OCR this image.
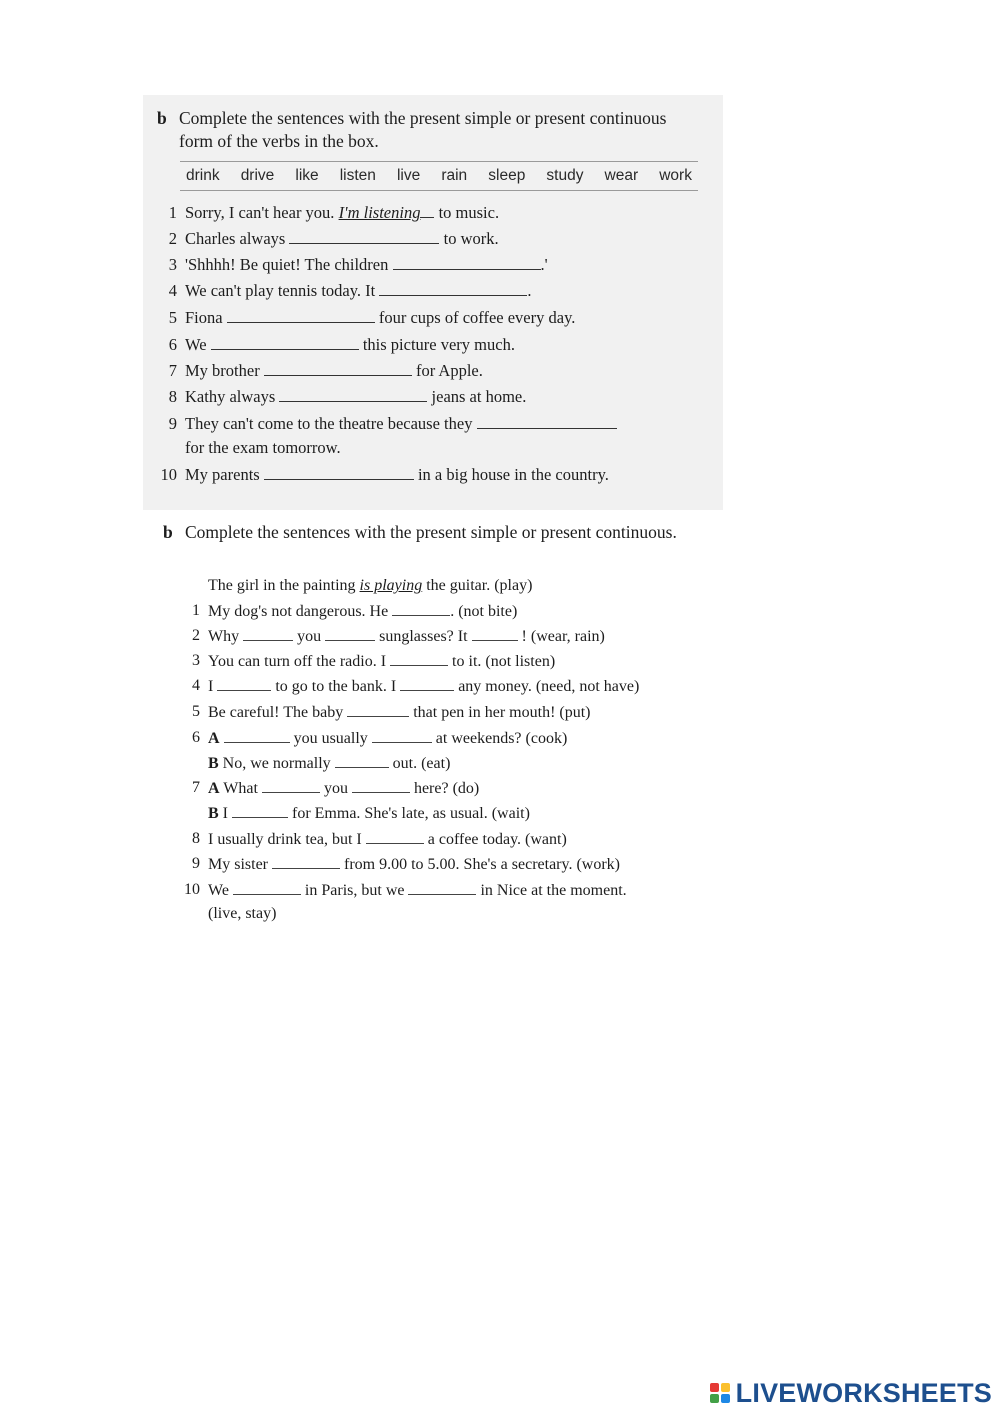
b Complete the sentences with the present simple or present continuous form of the verbs in the box.
drink drive like listen live rain sleep study wear work
1 Sorry, I can't hear you. I'm listening to music.
2 Charles always	to work.
3 'Shhhh! Be quiet! The children	.'
4 We can't play tennis today. It	.
5 Fiona	four cups of coffee every day.
6 We	this picture very much.
7 My brother	for Apple.
8 Kathy always	jeans at home.
9 They can't come to the theatre because they
for the exam tomorrow.
10 My parents	in a big house in the country.
b Complete the sentences with the present simple or present continuous.
The girl in the painting is playing the guitar. (play)
1 My dog's not dangerous. He	. (not bite)
2 Why	you	sunglasses? It	! (wear, rain)
3 You can turn off the radio. I	to it. (not listen)
4 I	to go to the bank. I	any money. (need, not have)
5 Be careful! The baby	that pen in her mouth! (put)
6 A	you usually	at weekends? (cook)
B No, we normally	out. (eat)
7 A What	you	here? (do)
B I	for Emma. She's late, as usual. (wait)
8 I usually drink tea, but I	a coffee today. (want)
9 My sister	from 9.00 to 5.00. She's a secretary. (work)
10 We	in Paris, but we	in Nice at the moment.
(live, stay)
LIVEWORKSHEETS
